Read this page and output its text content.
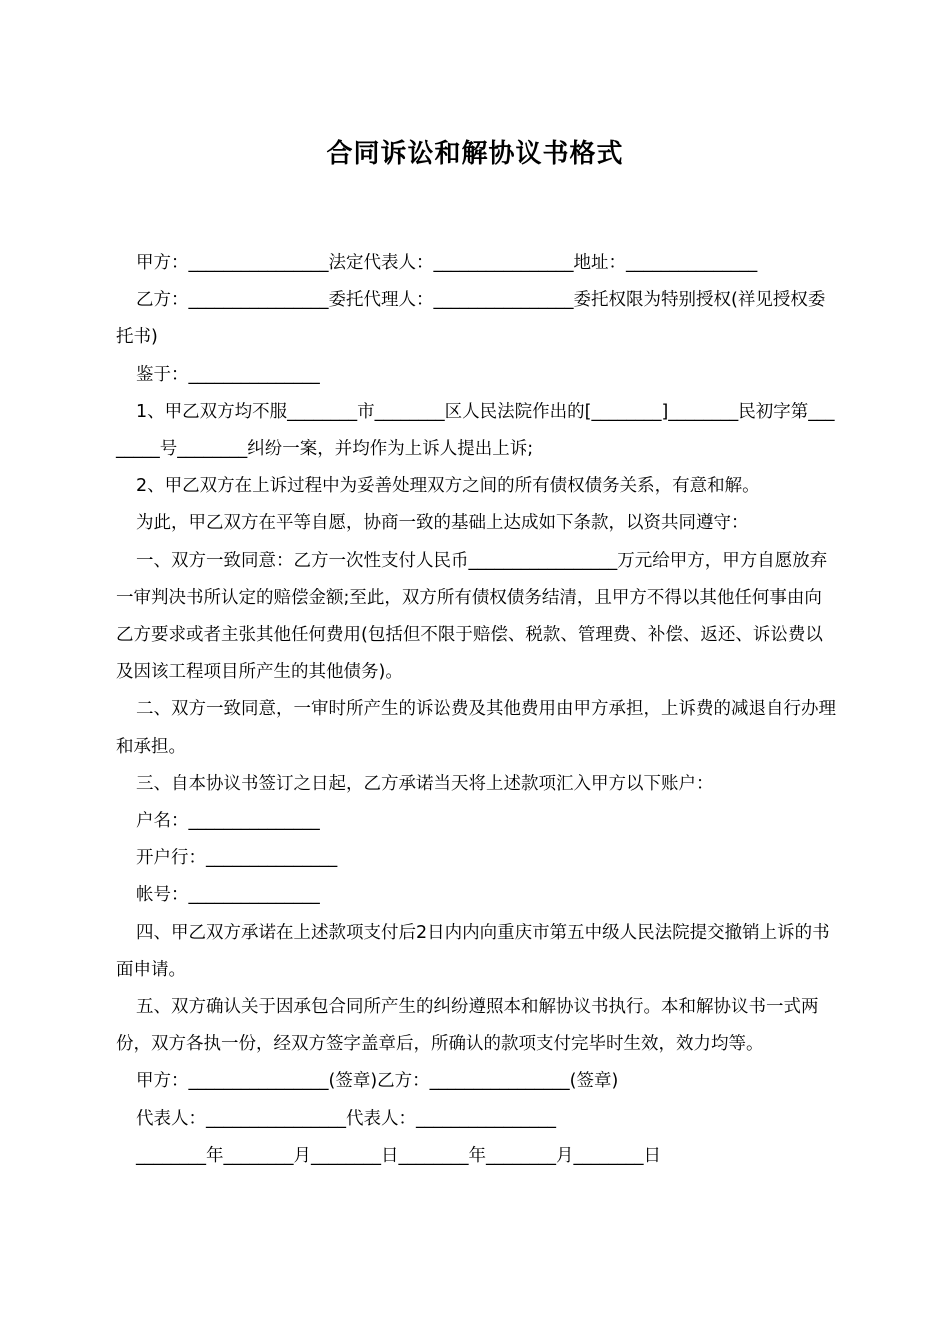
合同诉讼和解协议书格式

甲方：________________法定代表人：________________地址：_______________

乙方：________________委托代理人：________________委托权限为特别授权(祥见授权委托书)

鉴于：_______________

1、甲乙双方均不服________市________区人民法院作出的[________]________民初字第________号________纠纷一案，并均作为上诉人提出上诉;

2、甲乙双方在上诉过程中为妥善处理双方之间的所有债权债务关系，有意和解。

为此，甲乙双方在平等自愿，协商一致的基础上达成如下条款，以资共同遵守：

一、双方一致同意：乙方一次性支付人民币_________________万元给甲方，甲方自愿放弃一审判决书所认定的赔偿金额;至此，双方所有债权债务结清，且甲方不得以其他任何事由向乙方要求或者主张其他任何费用(包括但不限于赔偿、税款、管理费、补偿、返还、诉讼费以及因该工程项目所产生的其他债务)。

二、双方一致同意，一审时所产生的诉讼费及其他费用由甲方承担，上诉费的减退自行办理和承担。

三、自本协议书签订之日起，乙方承诺当天将上述款项汇入甲方以下账户：

户名：_______________

开户行：_______________

帐号：_______________

四、甲乙双方承诺在上述款项支付后2日内内向重庆市第五中级人民法院提交撤销上诉的书面申请。

五、双方确认关于因承包合同所产生的纠纷遵照本和解协议书执行。本和解协议书一式两份，双方各执一份，经双方签字盖章后，所确认的款项支付完毕时生效，效力均等。

甲方：________________(签章)乙方：________________(签章)

代表人：________________代表人：________________

________年________月________日________年________月________日
